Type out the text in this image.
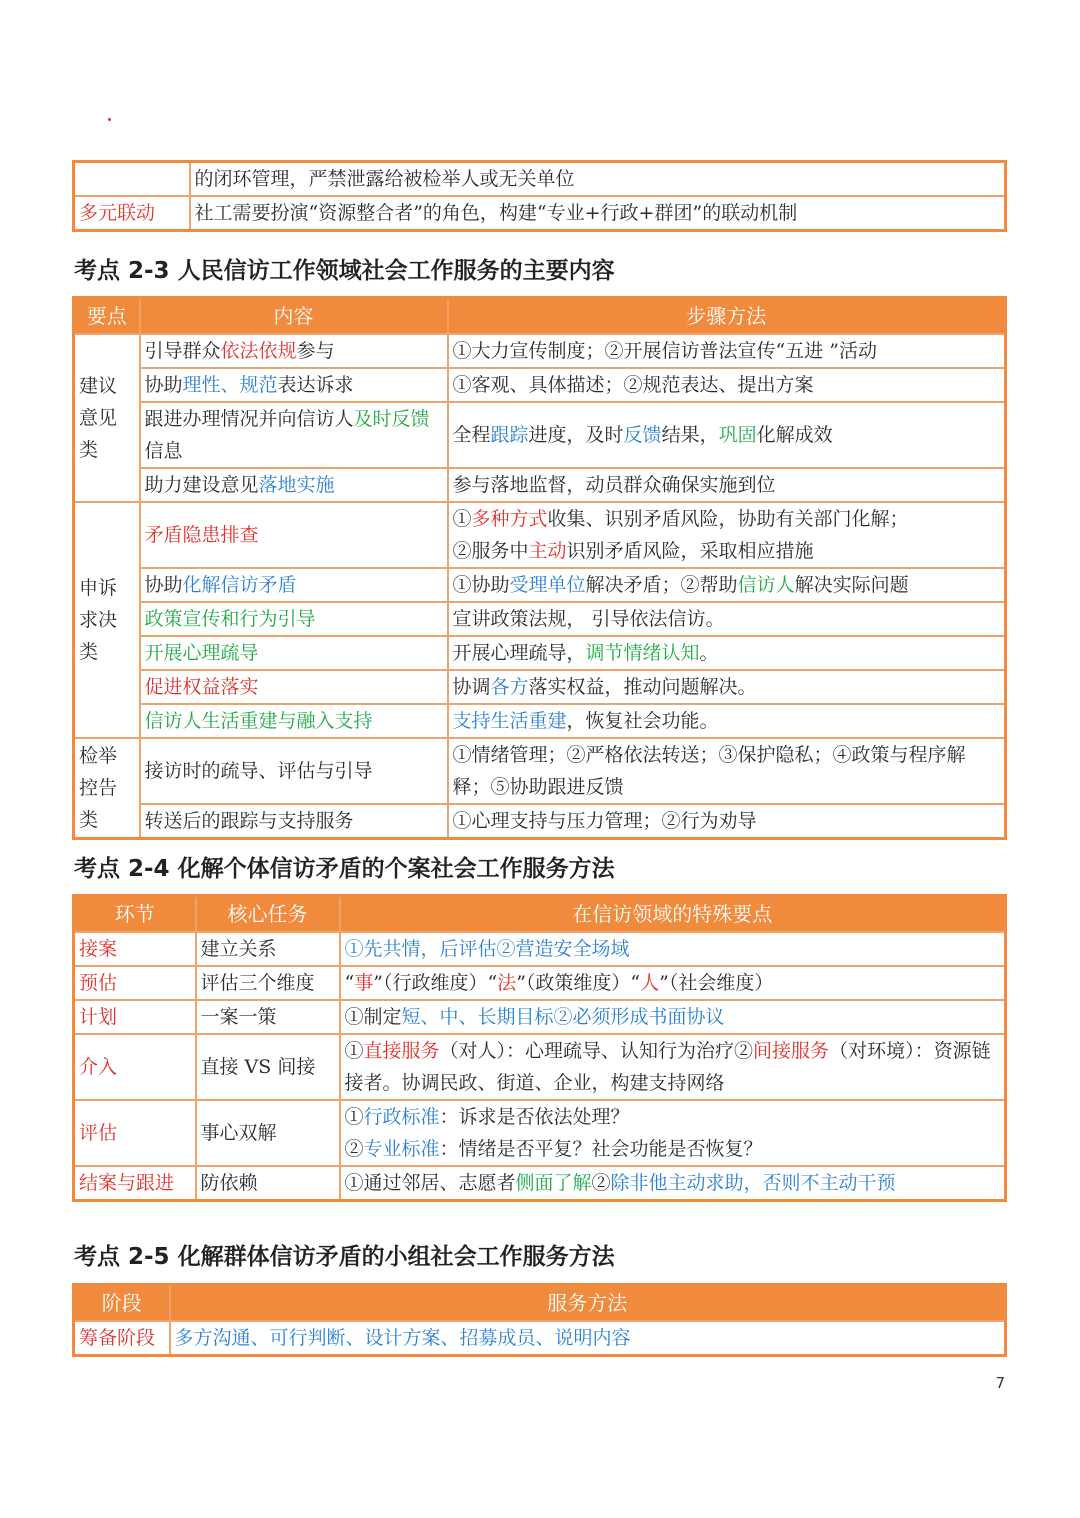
	的闭环管理，严禁泄露给被检举人或无关单位
多元联动	社工需要扮演“资源整合者”的角色，构建“专业+行政+群团”的联动机制
考点 2-3 人民信访工作领域社会工作服务的主要内容
要点	内容	步骤方法
建议意见类	引导群众依法依规参与	①大力宣传制度；②开展信访普法宣传“五进 ”活动
	协助理性、规范表达诉求	①客观、具体描述；②规范表达、提出方案
	跟进办理情况并向信访人及时反馈信息	全程跟踪进度，及时反馈结果，巩固化解成效
	助力建设意见落地实施	参与落地监督，动员群众确保实施到位
申诉求决类	矛盾隐患排查	①多种方式收集、识别矛盾风险，协助有关部门化解；
②服务中主动识别矛盾风险，采取相应措施
	协助化解信访矛盾	①协助受理单位解决矛盾；②帮助信访人解决实际问题
	政策宣传和行为引导	宣讲政策法规， 引导依法信访。
	开展心理疏导	开展心理疏导，调节情绪认知。
	促进权益落实	协调各方落实权益，推动问题解决。
	信访人生活重建与融入支持	支持生活重建，恢复社会功能。
检举控告类	接访时的疏导、评估与引导	①情绪管理；②严格依法转送；③保护隐私；④政策与程序解释；⑤协助跟进反馈
	转送后的跟踪与支持服务	①心理支持与压力管理；②行为劝导
考点 2-4 化解个体信访矛盾的个案社会工作服务方法
环节	核心任务	在信访领域的特殊要点
接案	建立关系	①先共情，后评估②营造安全场域
预估	评估三个维度	“事”（行政维度）“法”（政策维度）“人”（社会维度）
计划	一案一策	①制定短、中、长期目标②必须形成书面协议
介入	直接 VS 间接	①直接服务（对人）：心理疏导、认知行为治疗②间接服务（对环境）：资源链接者。协调民政、街道、企业，构建支持网络
评估	事心双解	①行政标准：诉求是否依法处理？
②专业标准：情绪是否平复？社会功能是否恢复？
结案与跟进	防依赖	①通过邻居、志愿者侧面了解②除非他主动求助，否则不主动干预
考点 2-5 化解群体信访矛盾的小组社会工作服务方法
阶段	服务方法
筹备阶段	多方沟通、可行判断、设计方案、招募成员、说明内容
7
